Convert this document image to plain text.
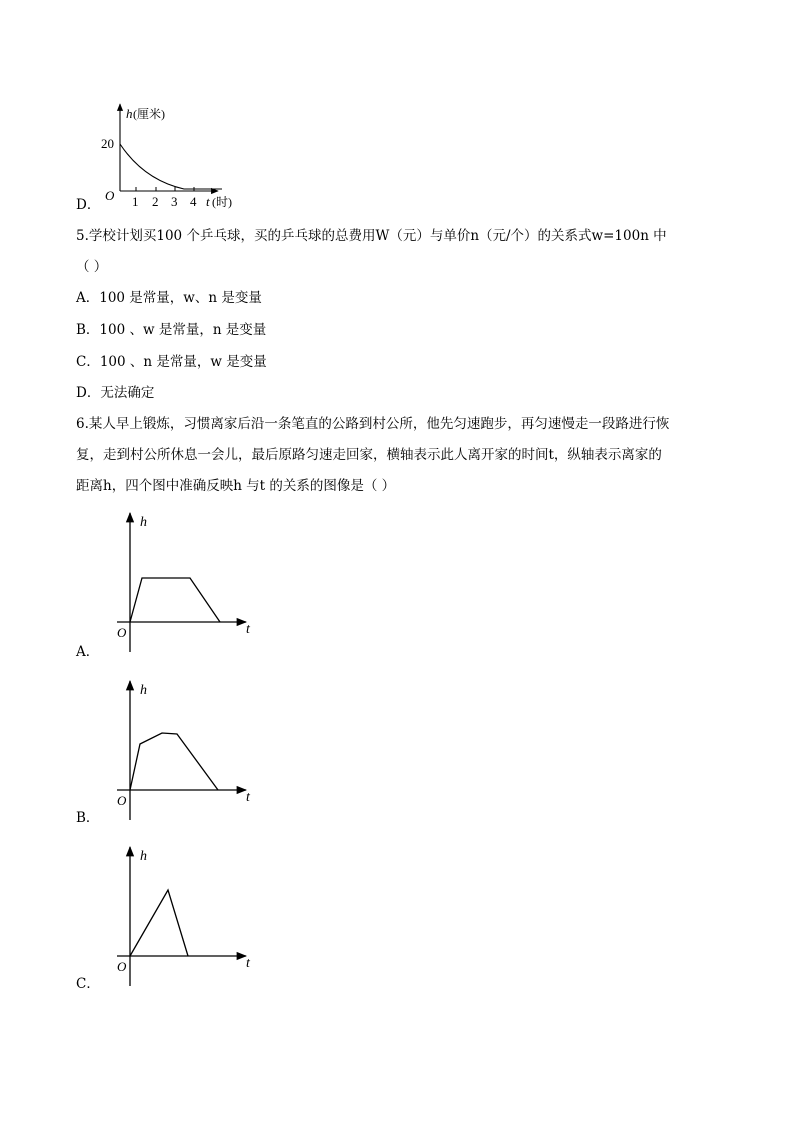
h (厘米)
20
O 1 2 3 4 t (时)
D．
5.学校计划买100 个乒乓球，买的乒乓球的总费用W（元）与单价n（元/个）的关系式w=100n 中
（ ）
A．100 是常量，w、n 是变量
B．100 、w 是常量，n 是变量
C．100 、n 是常量，w 是变量
D．无法确定
6.某人早上锻炼，习惯离家后沿一条笔直的公路到村公所，他先匀速跑步，再匀速慢走一段路进行恢
复，走到村公所休息一会儿，最后原路匀速走回家，横轴表示此人离开家的时间t，纵轴表示离家的
距离h，四个图中准确反映h 与t 的关系的图像是（ ）
h
t
O
A．
h
t
O
B．
h
t
O
C．
